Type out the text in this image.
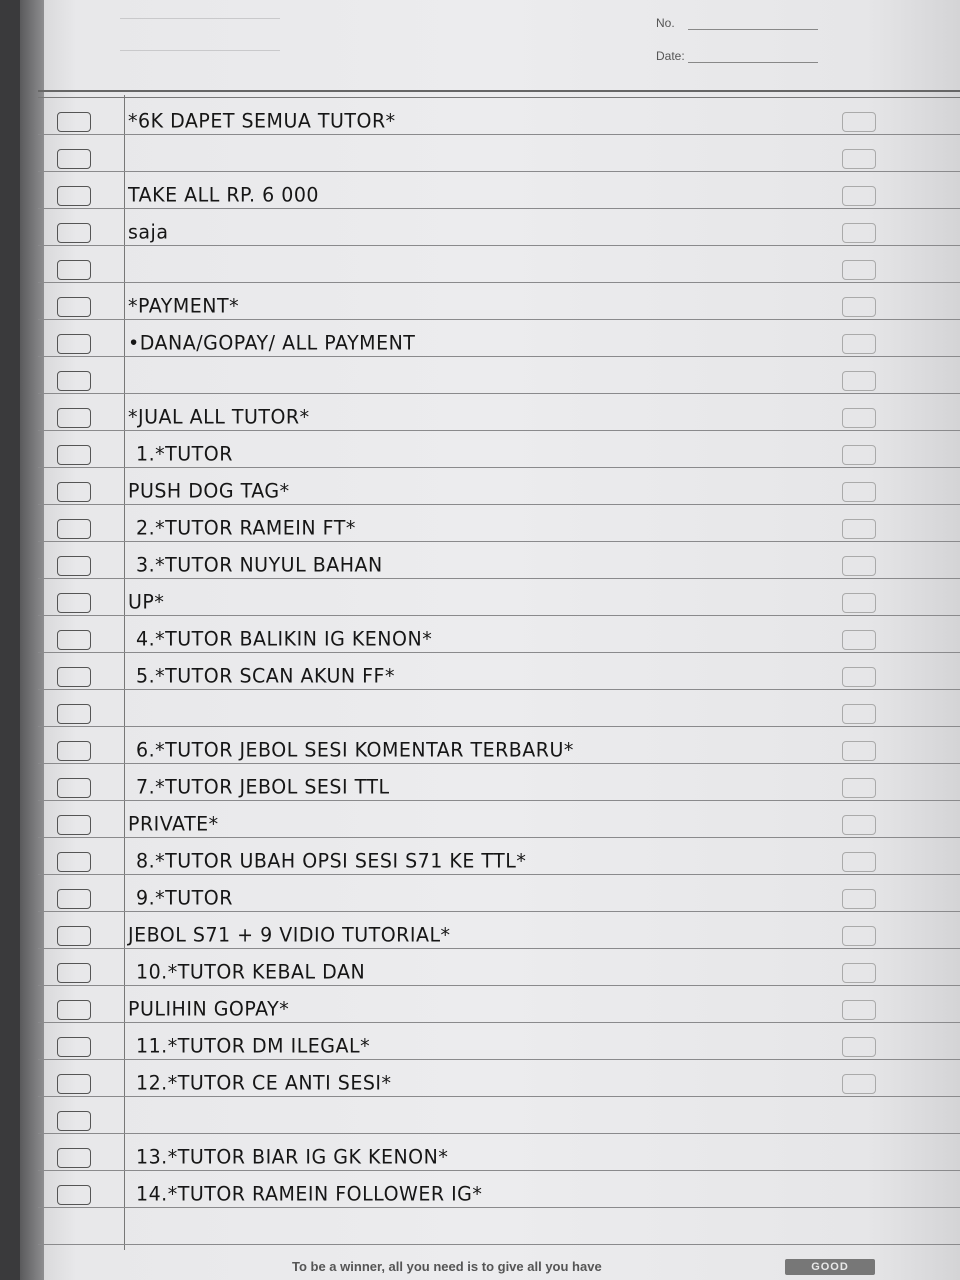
No.
Date:
*6K DAPET SEMUA TUTOR*
TAKE ALL RP. 6 000
saja
*PAYMENT*
•DANA/GOPAY/ ALL PAYMENT
*JUAL ALL TUTOR*
1.*TUTOR
PUSH DOG TAG*
2.*TUTOR RAMEIN FT*
3.*TUTOR NUYUL BAHAN
UP*
4.*TUTOR BALIKIN IG KENON*
5.*TUTOR SCAN AKUN FF*
6.*TUTOR JEBOL SESI KOMENTAR TERBARU*
7.*TUTOR JEBOL SESI TTL
PRIVATE*
8.*TUTOR UBAH OPSI SESI S71 KE TTL*
9.*TUTOR
JEBOL S71 + 9 VIDIO TUTORIAL*
10.*TUTOR KEBAL DAN
PULIHIN GOPAY*
11.*TUTOR DM ILEGAL*
12.*TUTOR CE ANTI SESI*
13.*TUTOR BIAR IG GK KENON*
14.*TUTOR RAMEIN FOLLOWER IG*
To be a winner, all you need is to give all you have	GOOD
